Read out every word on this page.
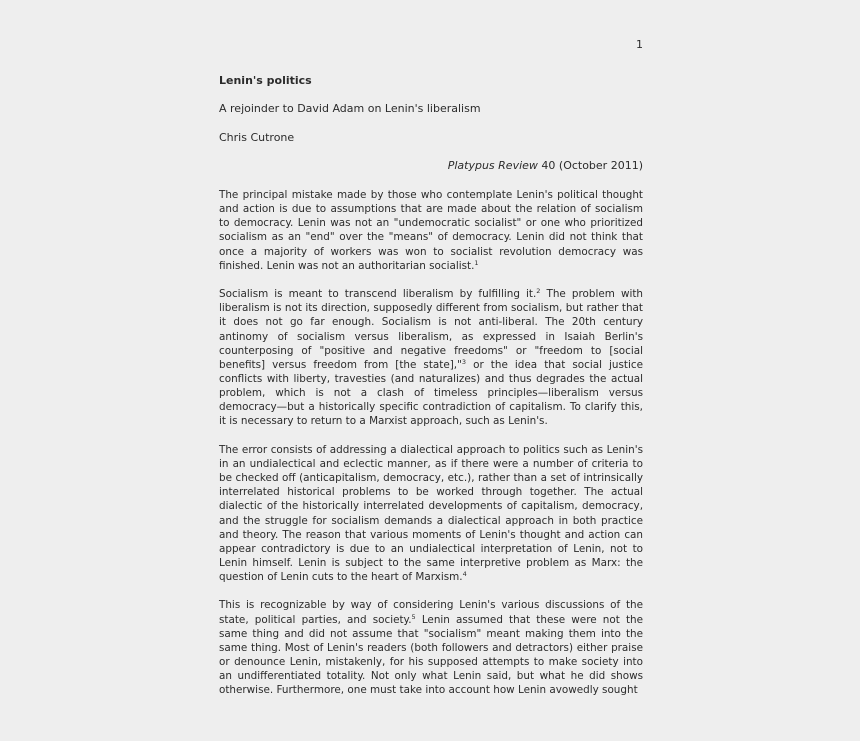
1
Lenin's politics
A rejoinder to David Adam on Lenin's liberalism
Chris Cutrone
Platypus Review 40 (October 2011)

The principal mistake made by those who contemplate Lenin's political thought and action is due to assumptions that are made about the relation of socialism to democracy. Lenin was not an "undemocratic socialist" or one who prioritized socialism as an "end" over the "means" of democracy. Lenin did not think that once a majority of workers was won to socialist revolution democracy was finished. Lenin was not an authoritarian socialist.$^1$

Socialism is meant to transcend liberalism by fulfilling it.$^2$ The problem with liberalism is not its direction, supposedly different from socialism, but rather that it does not go far enough. Socialism is not anti-liberal. The 20th century antinomy of socialism versus liberalism, as expressed in Isaiah Berlin's counterposing of "positive and negative freedoms" or "freedom to [social benefits] versus freedom from [the state],"$^3$ or the idea that social justice conflicts with liberty, travesties (and naturalizes) and thus degrades the actual problem, which is not a clash of timeless principles—liberalism versus democracy—but a historically specific contradiction of capitalism. To clarify this, it is necessary to return to a Marxist approach, such as Lenin's.

The error consists of addressing a dialectical approach to politics such as Lenin's in an undialectical and eclectic manner, as if there were a number of criteria to be checked off (anticapitalism, democracy, etc.), rather than a set of intrinsically interrelated historical problems to be worked through together. The actual dialectic of the historically interrelated developments of capitalism, democracy, and the struggle for socialism demands a dialectical approach in both practice and theory. The reason that various moments of Lenin's thought and action can appear contradictory is due to an undialectical interpretation of Lenin, not to Lenin himself. Lenin is subject to the same interpretive problem as Marx: the question of Lenin cuts to the heart of Marxism.$^4$

This is recognizable by way of considering Lenin's various discussions of the state, political parties, and society.$^5$ Lenin assumed that these were not the same thing and did not assume that "socialism" meant making them into the same thing. Most of Lenin's readers (both followers and detractors) either praise or denounce Lenin, mistakenly, for his supposed attempts to make society into an undifferentiated totality. Not only what Lenin said, but what he did shows otherwise. Furthermore, one must take into account how Lenin avowedly sought
